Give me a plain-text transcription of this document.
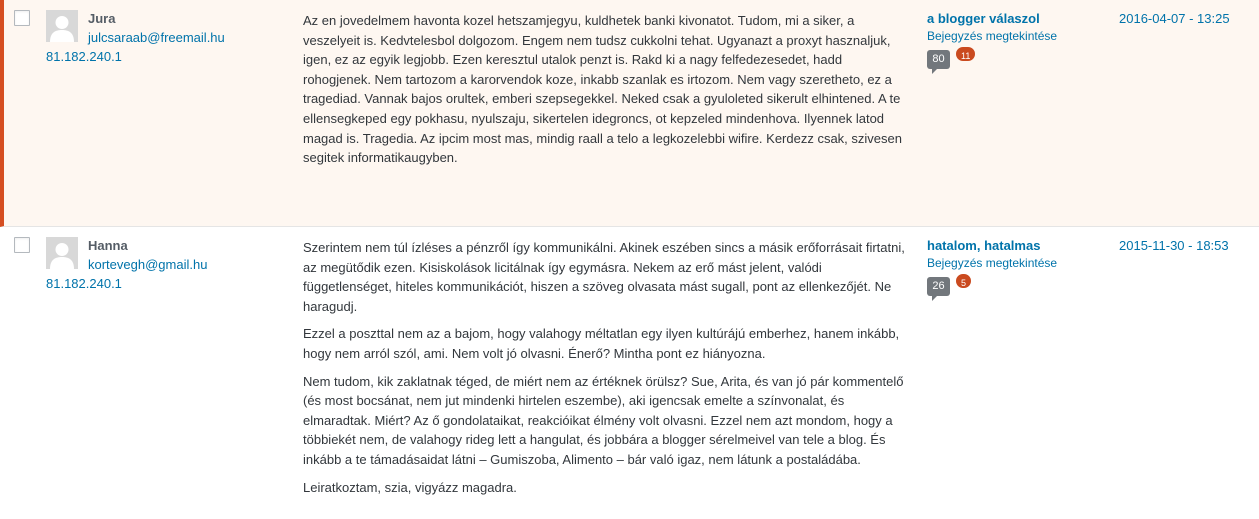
Jura
julcsaraab@freemail.hu
81.182.240.1

Az en jovedelmem havonta kozel hetszamjegyu, kuldhetek banki kivonatot. Tudom, mi a siker, a veszelyeit is. Kedvtelesbol dolgozom. Engem nem tudsz cukkolni tehat. Ugyanazt a proxyt hasznaljuk, igen, ez az egyik legjobb. Ezen keresztul utalok penzt is. Rakd ki a nagy felfedezesedet, hadd rohogjenek. Nem tartozom a karorvendok koze, inkabb szanlak es irtozom. Nem vagy szeretheto, ez a tragediad. Vannak bajos orultek, emberi szepsegekkel. Neked csak a gyuloleted sikerult elhintened. A te ellensegkeped egy pokhasu, nyulszaju, sikertelen idegroncs, ot kepzeled mindenhova. Ilyennek latod magad is. Tragedia. Az ipcim most mas, mindig raall a telo a legkozelebbi wifire. Kerdezz csak, szivesen segitek informatikaugyben.

a blogger válaszol
Bejegyzés megtekintése
80	11
2016-04-07 - 13:25
Hanna
kortevegh@gmail.hu
81.182.240.1

Szerintem nem túl ízléses a pénzről így kommunikálni. Akinek eszében sincs a másik erőforrásait firtatni, az megütődik ezen. Kisiskolások licitálnak így egymásra. Nekem az erő mást jelent, valódi függetlenséget, hiteles kommunikációt, hiszen a szöveg olvasata mást sugall, pont az ellenkezőjét. Ne haragudj.

Ezzel a poszttal nem az a bajom, hogy valahogy méltatlan egy ilyen kultúrájú emberhez, hanem inkább, hogy nem arról szól, ami. Nem volt jó olvasni. Énerő? Mintha pont ez hiányozna.

Nem tudom, kik zaklatnak téged, de miért nem az értéknek örülsz? Sue, Arita, és van jó pár kommentelő (és most bocsánat, nem jut mindenki hirtelen eszembe), aki igencsak emelte a színvonalat, és elmaradtak. Miért? Az ő gondolataikat, reakcióikat élmény volt olvasni. Ezzel nem azt mondom, hogy a többiekét nem, de valahogy rideg lett a hangulat, és jobbára a blogger sérelmeivel van tele a blog. És inkább a te támadásaidat látni – Gumiszoba, Alimento – bár való igaz, nem látunk a postaládába.

Leiratkoztam, szia, vigyázz magadra.

hatalom, hatalmas
Bejegyzés megtekintése
26	5
2015-11-30 - 18:53
